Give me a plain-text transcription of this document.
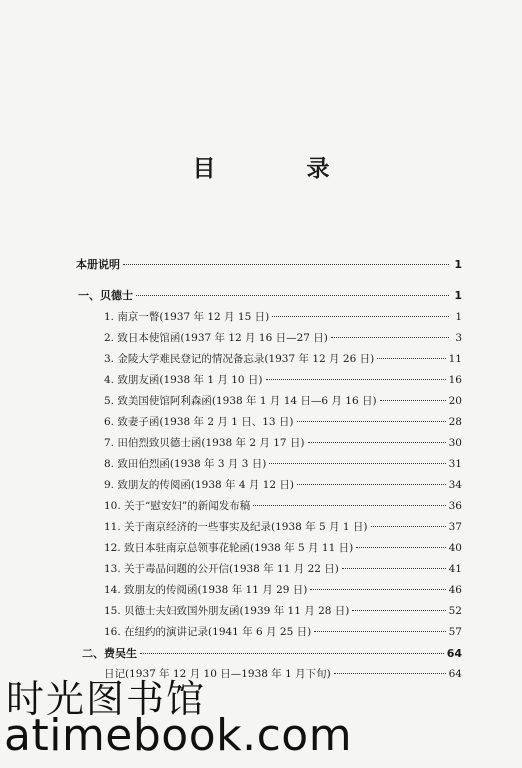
目　录
本册说明	1
一、贝德士	1
1. 南京一瞥(1937 年 12 月 15 日)	1
2. 致日本使馆函(1937 年 12 月 16 日—27 日)	3
3. 金陵大学难民登记的情况备忘录(1937 年 12 月 26 日)	11
4. 致朋友函(1938 年 1 月 10 日)	16
5. 致美国使馆阿利森函(1938 年 1 月 14 日—6 月 16 日)	20
6. 致妻子函(1938 年 2 月 1 日、13 日)	28
7. 田伯烈致贝德士函(1938 年 2 月 17 日)	30
8. 致田伯烈函(1938 年 3 月 3 日)	31
9. 致朋友的传阅函(1938 年 4 月 12 日)	34
10. 关于“慰安妇”的新闻发布稿	36
11. 关于南京经济的一些事实及纪录(1938 年 5 月 1 日)	37
12. 致日本驻南京总领事花轮函(1938 年 5 月 11 日)	40
13. 关于毒品问题的公开信(1938 年 11 月 22 日)	41
14. 致朋友的传阅函(1938 年 11 月 29 日)	46
15. 贝德士夫妇致国外朋友函(1939 年 11 月 28 日)	52
16. 在纽约的演讲记录(1941 年 6 月 25 日)	57
二、费吴生	64
日记(1937 年 12 月 10 日—1938 年 1 月下旬)	64
时光图书馆
atimebook.com
